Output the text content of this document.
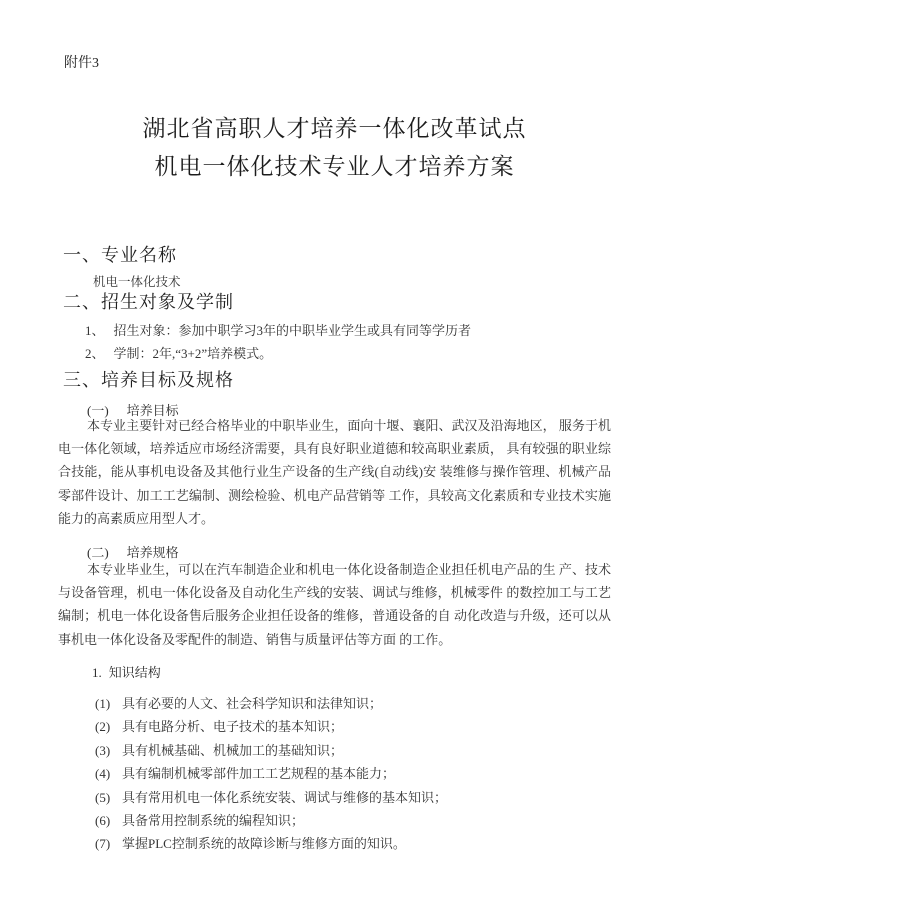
附件3
湖北省高职人才培养一体化改革试点
机电一体化技术专业人才培养方案
一、专业名称
机电一体化技术
二、招生对象及学制
1、 招生对象：参加中职学习3年的中职毕业学生或具有同等学历者
2、 学制：2年,“3+2”培养模式。
三、培养目标及规格
(一) 培养目标
本专业主要针对已经合格毕业的中职毕业生，面向十堰、襄阳、武汉及沿海地区， 服务于机电一体化领域，培养适应市场经济需要，具有良好职业道德和较高职业素质， 具有较强的职业综合技能，能从事机电设备及其他行业生产设备的生产线(自动线)安 装维修与操作管理、机械产品零部件设计、加工工艺编制、测绘检验、机电产品营销等 工作，具较高文化素质和专业技术实施能力的高素质应用型人才。
(二) 培养规格
本专业毕业生，可以在汽车制造企业和机电一体化设备制造企业担任机电产品的生 产、技术与设备管理，机电一体化设备及自动化生产线的安装、调试与维修，机械零件 的数控加工与工艺编制；机电一体化设备售后服务企业担任设备的维修，普通设备的自 动化改造与升级，还可以从事机电一体化设备及零配件的制造、销售与质量评估等方面 的工作。
1. 知识结构
(1) 具有必要的人文、社会科学知识和法律知识；
(2) 具有电路分析、电子技术的基本知识；
(3) 具有机械基础、机械加工的基础知识；
(4) 具有编制机械零部件加工工艺规程的基本能力；
(5) 具有常用机电一体化系统安装、调试与维修的基本知识；
(6) 具备常用控制系统的编程知识；
(7) 掌握PLC控制系统的故障诊断与维修方面的知识。
